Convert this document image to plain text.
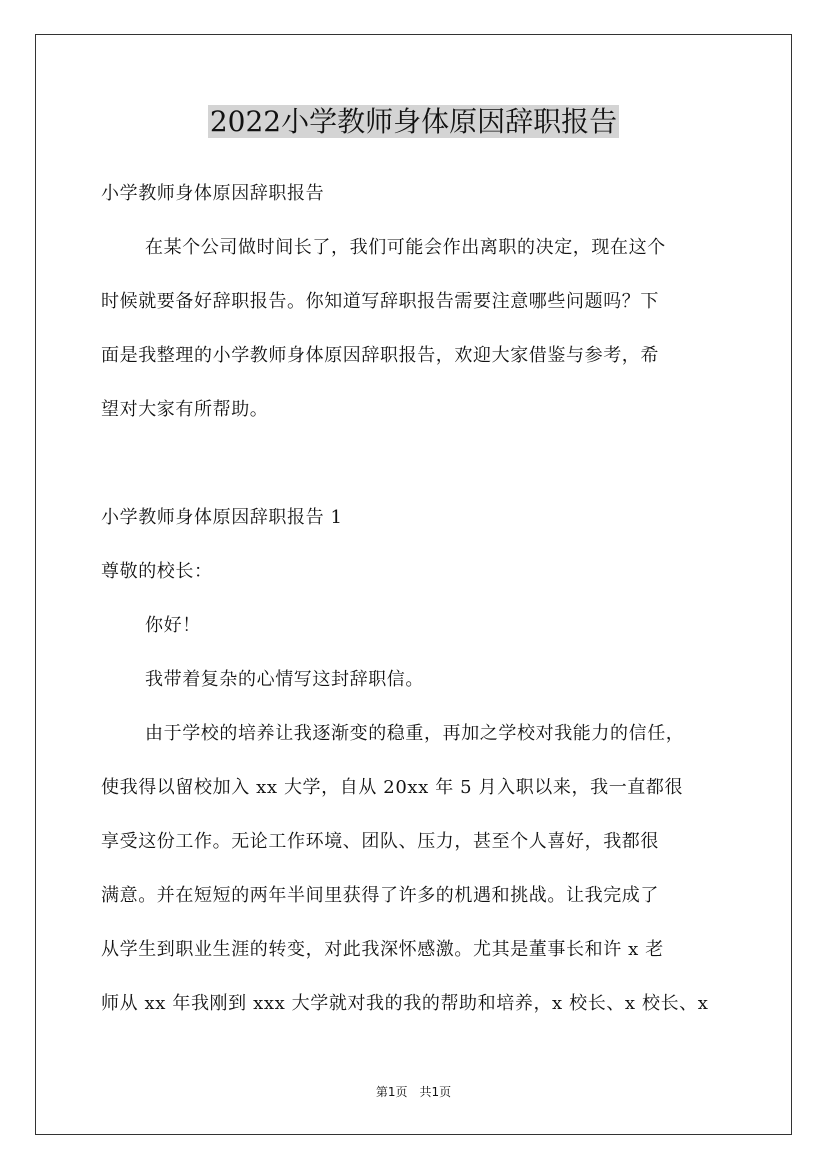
2022小学教师身体原因辞职报告
小学教师身体原因辞职报告
在某个公司做时间长了，我们可能会作出离职的决定，现在这个
时候就要备好辞职报告。你知道写辞职报告需要注意哪些问题吗？下
面是我整理的小学教师身体原因辞职报告，欢迎大家借鉴与参考，希
望对大家有所帮助。
小学教师身体原因辞职报告 1
尊敬的校长：
你好！
我带着复杂的心情写这封辞职信。
由于学校的培养让我逐渐变的稳重，再加之学校对我能力的信任，
使我得以留校加入 xx 大学，自从 20xx 年 5 月入职以来，我一直都很
享受这份工作。无论工作环境、团队、压力，甚至个人喜好，我都很
满意。并在短短的两年半间里获得了许多的机遇和挑战。让我完成了
从学生到职业生涯的转变，对此我深怀感激。尤其是董事长和许 x 老
师从 xx 年我刚到 xxx 大学就对我的我的帮助和培养，x 校长、x 校长、x
第1页　共1页
